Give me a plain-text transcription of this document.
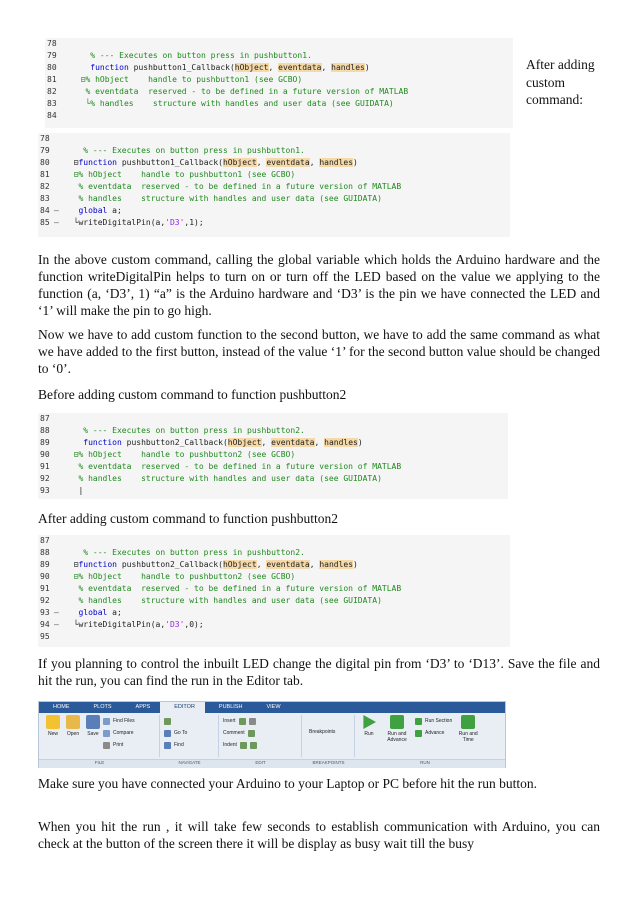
78
79	% --- Executes on button press in pushbutton1.
80	function pushbutton1_Callback(hObject, eventdata, handles)
81	⊟% hObject    handle to pushbutton1 (see GCBO)
82	% eventdata  reserved - to be defined in a future version of MATLAB
83	└% handles    structure with handles and user data (see GUIDATA)
84
After adding custom command:
78
79	% --- Executes on button press in pushbutton1.
80	⊟function pushbutton1_Callback(hObject, eventdata, handles)
81	⊟% hObject    handle to pushbutton1 (see GCBO)
82	% eventdata  reserved - to be defined in a future version of MATLAB
83	% handles    structure with handles and user data (see GUIDATA)
84 – global a;
85 – └writeDigitalPin(a,'D3',1);
In the above custom command, calling the global variable which holds the Arduino hardware and the function writeDigitalPin helps to turn on or turn off the LED based on the value we applying to the function (a, ‘D3’, 1) “a” is the Arduino hardware and ‘D3’ is the pin we have connected the LED and ‘1’ will make the pin to go high.
Now we have to add custom function to the second button, we have to add the same command as what we have added to the first button, instead of the value ‘1’ for the second button value should be changed to ‘0’.
Before adding custom command to function pushbutton2
87
88	% --- Executes on button press in pushbutton2.
89	function pushbutton2_Callback(hObject, eventdata, handles)
90	⊟% hObject    handle to pushbutton2 (see GCBO)
91	% eventdata  reserved - to be defined in a future version of MATLAB
92	% handles    structure with handles and user data (see GUIDATA)
93	|
After adding custom command to function pushbutton2
87
88	% --- Executes on button press in pushbutton2.
89	⊟function pushbutton2_Callback(hObject, eventdata, handles)
90	⊟% hObject    handle to pushbutton2 (see GCBO)
91	% eventdata  reserved - to be defined in a future version of MATLAB
92	% handles    structure with handles and user data (see GUIDATA)
93 – global a;
94 – └writeDigitalPin(a,'D3',0);
95
If you planning to control the inbuilt LED change the digital pin from ‘D3’ to ‘D13’. Save the file and hit the run, you can find the run in the Editor tab.
HOME	PLOTS	APPS	EDITOR	PUBLISH	VIEW
New Open Save
Find Files
Compare
Print
Go To
Find
Insert
Comment
Indent
Breakpoints	Run	Run and Advance
Run Section
Advance	Run and Time
FILE	NAVIGATE	EDIT	BREAKPOINTS	RUN
Make sure you have connected your Arduino to your Laptop or PC before hit the run button.
When you hit the run , it will take few seconds to establish communication with Arduino, you can check at the button of the screen there it will be display as busy wait till the busy
